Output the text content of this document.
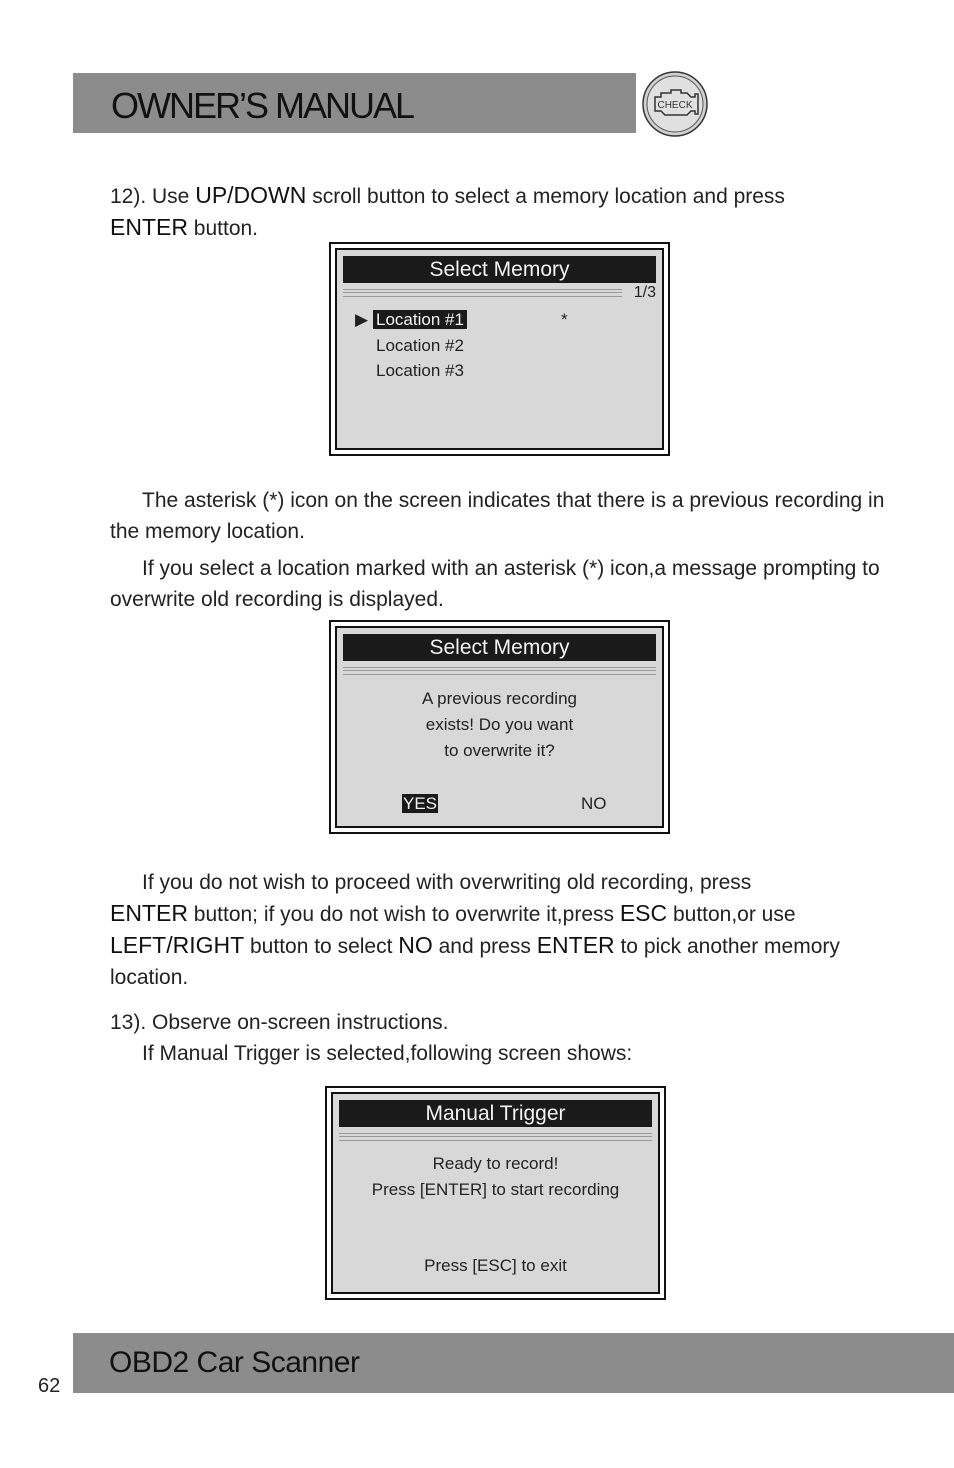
OWNER’S MANUAL	CHECK
12). Use UP/DOWN scroll button to select a memory location and press
ENTER button.
Select Memory
1/3
▶ Location #1	*
Location #2
Location #3
The asterisk (*) icon on the screen indicates that there is a previous recording in the memory location.
If you select a location marked with an asterisk (*) icon,a message prompting to overwrite old recording is displayed.
Select Memory
A previous recording
exists! Do you want
to overwrite it?
YES	NO
If you do not wish to proceed with overwriting old recording, press
ENTER button; if you do not wish to overwrite it,press ESC button,or use
LEFT/RIGHT button to select NO and press ENTER to pick another memory location.
13). Observe on-screen instructions.
If Manual Trigger is selected,following screen shows:
Manual Trigger
Ready to record!
Press [ENTER] to start recording
Press [ESC] to exit
OBD2 Car Scanner
62
